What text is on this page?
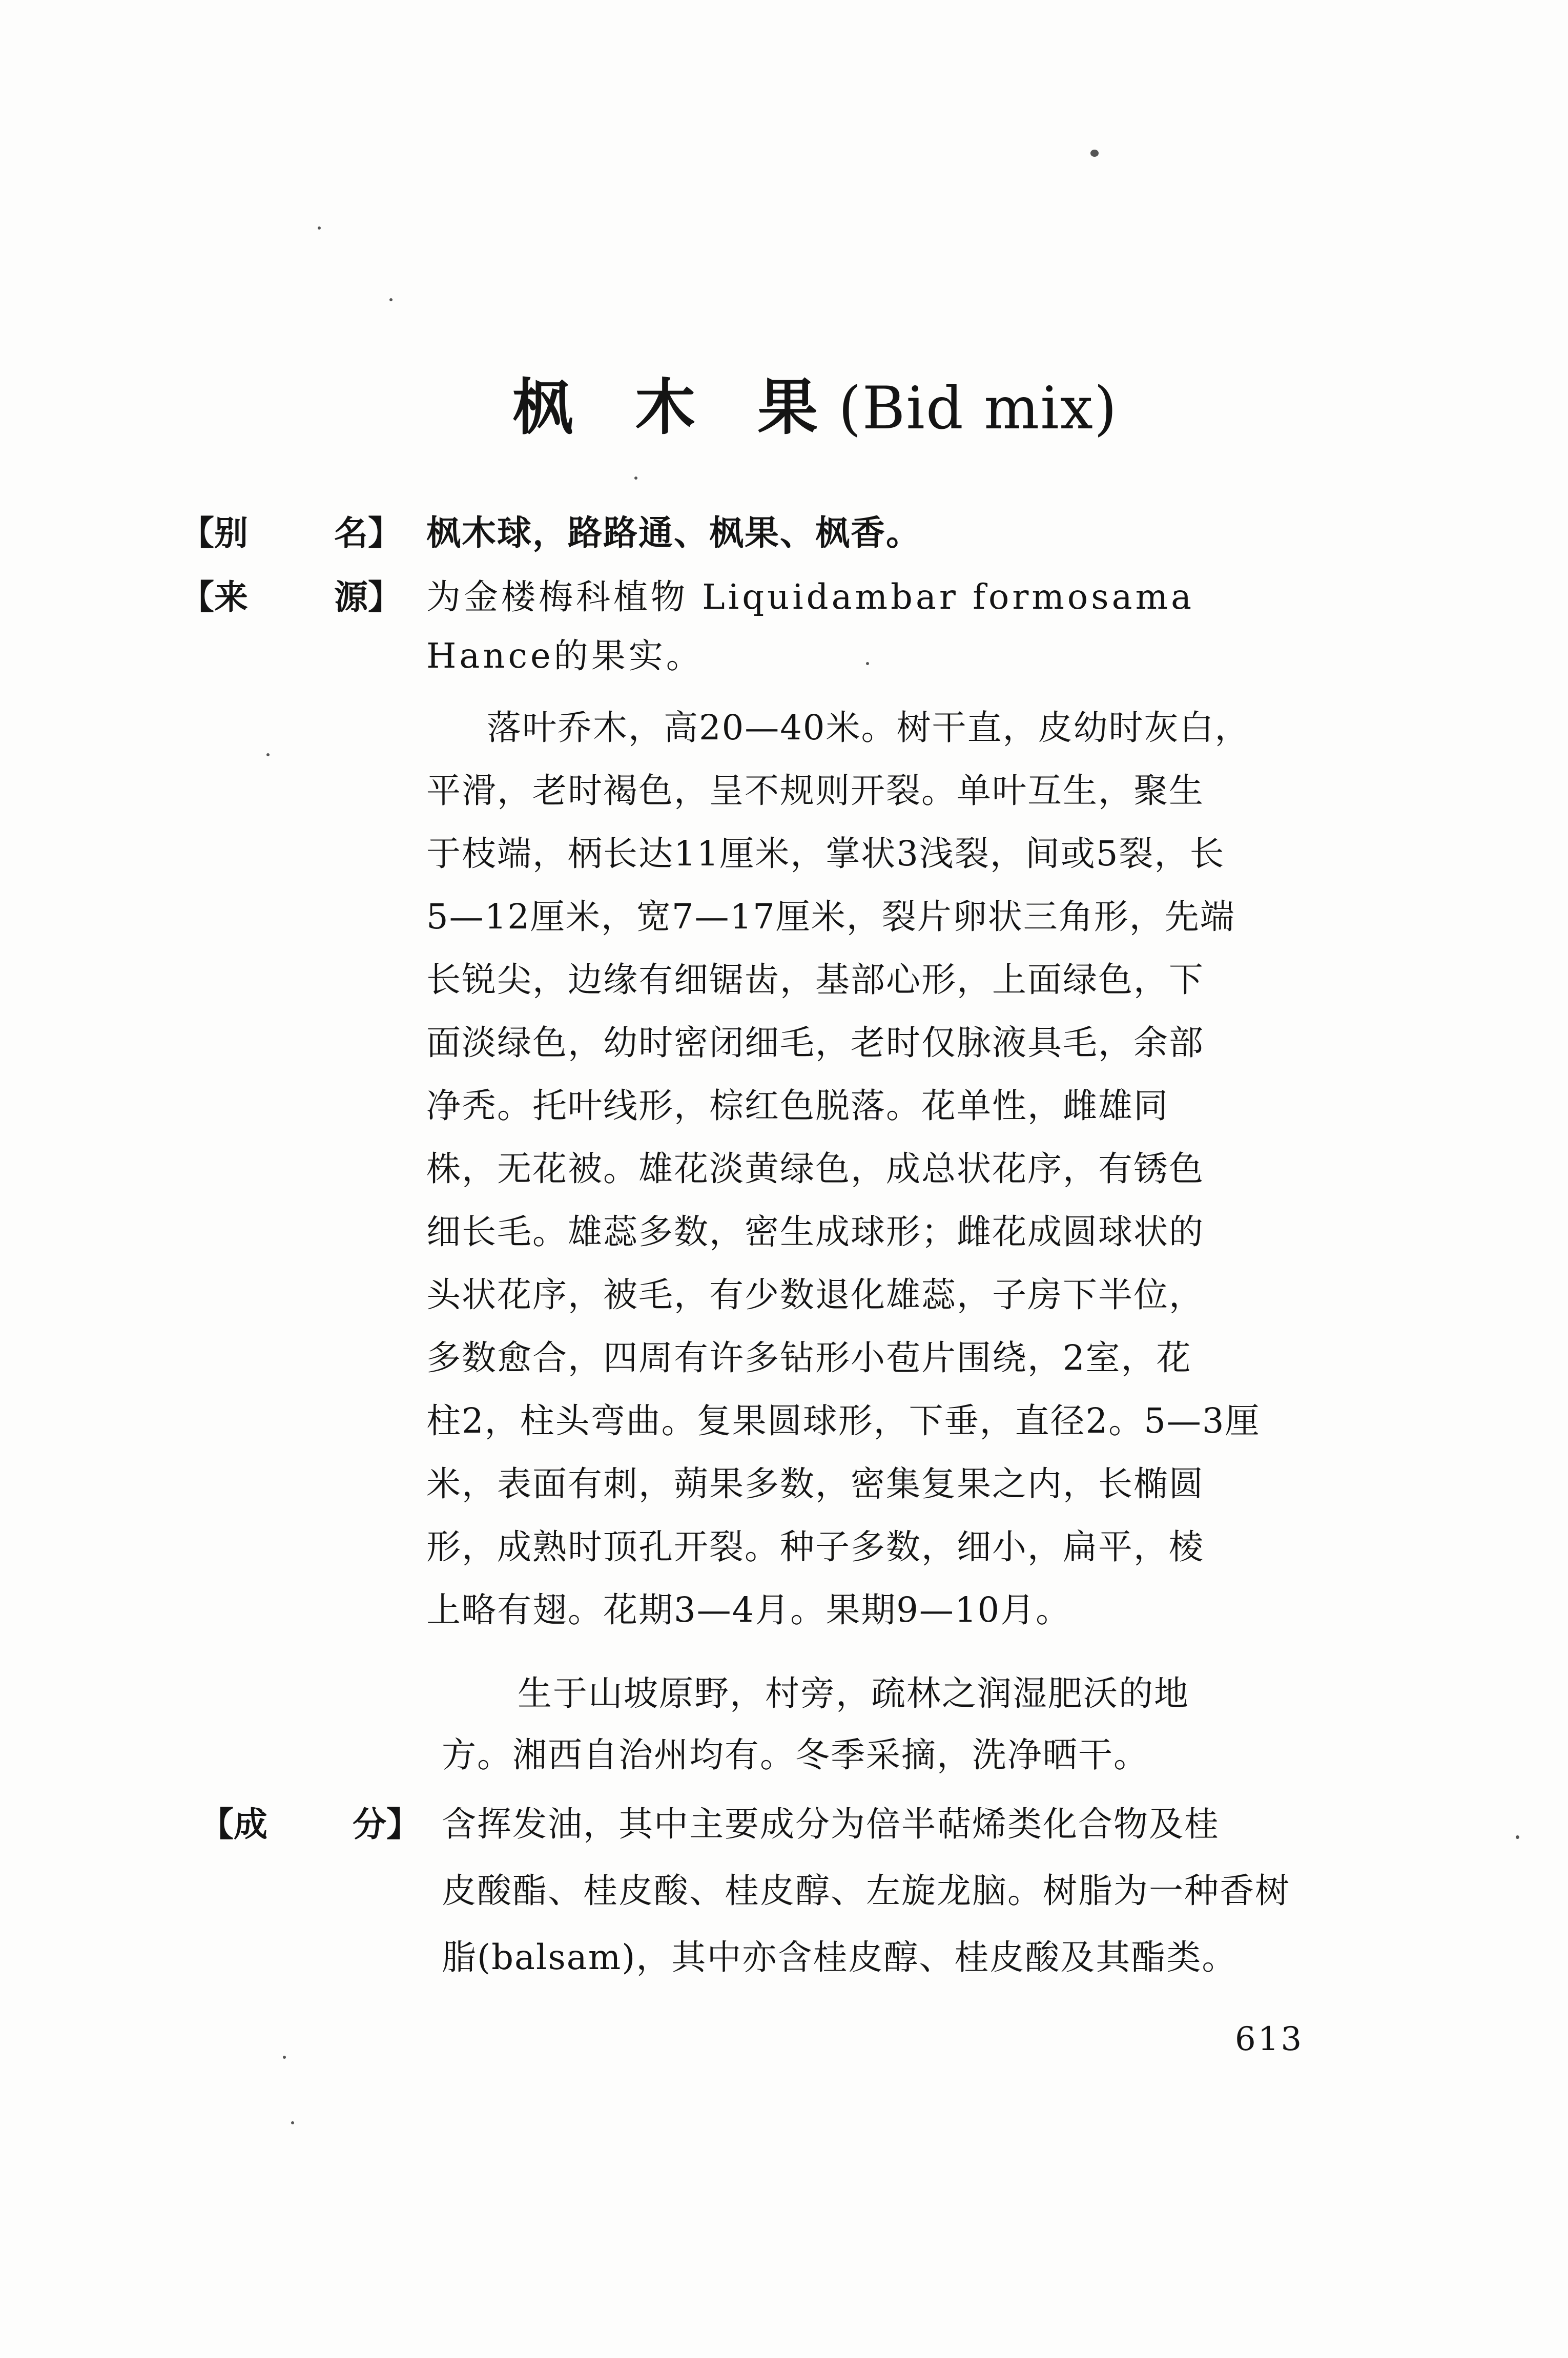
枫 木 果(Bid mix)
【别	名】 枫木球，路路通、枫果、枫香。
【来	源】 为金楼梅科植物 Liquidambar formosama
Hance的果实。
落叶乔木，高20—40米。树干直，皮幼时灰白，
平滑，老时褐色，呈不规则开裂。单叶互生，聚生
于枝端，柄长达11厘米，掌状3浅裂，间或5裂，长
5—12厘米，宽7—17厘米，裂片卵状三角形，先端
长锐尖，边缘有细锯齿，基部心形，上面绿色，下
面淡绿色，幼时密闭细毛，老时仅脉液具毛，余部
净秃。托叶线形，棕红色脱落。花单性，雌雄同
株，无花被。雄花淡黄绿色，成总状花序，有锈色
细长毛。雄蕊多数，密生成球形；雌花成圆球状的
头状花序，被毛，有少数退化雄蕊，子房下半位，
多数愈合，四周有许多钻形小苞片围绕，2室，花
柱2，柱头弯曲。复果圆球形，下垂，直径2。5—3厘
米，表面有刺，蒴果多数，密集复果之内，长椭圆
形，成熟时顶孔开裂。种子多数，细小，扁平，棱
上略有翅。花期3—4月。果期9—10月。
生于山坡原野，村旁，疏林之润湿肥沃的地
方。湘西自治州均有。冬季采摘，洗净晒干。
【成	分】 含挥发油，其中主要成分为倍半萜烯类化合物及桂
皮酸酯、桂皮酸、桂皮醇、左旋龙脑。树脂为一种香树
脂(balsam)，其中亦含桂皮醇、桂皮酸及其酯类。
613
